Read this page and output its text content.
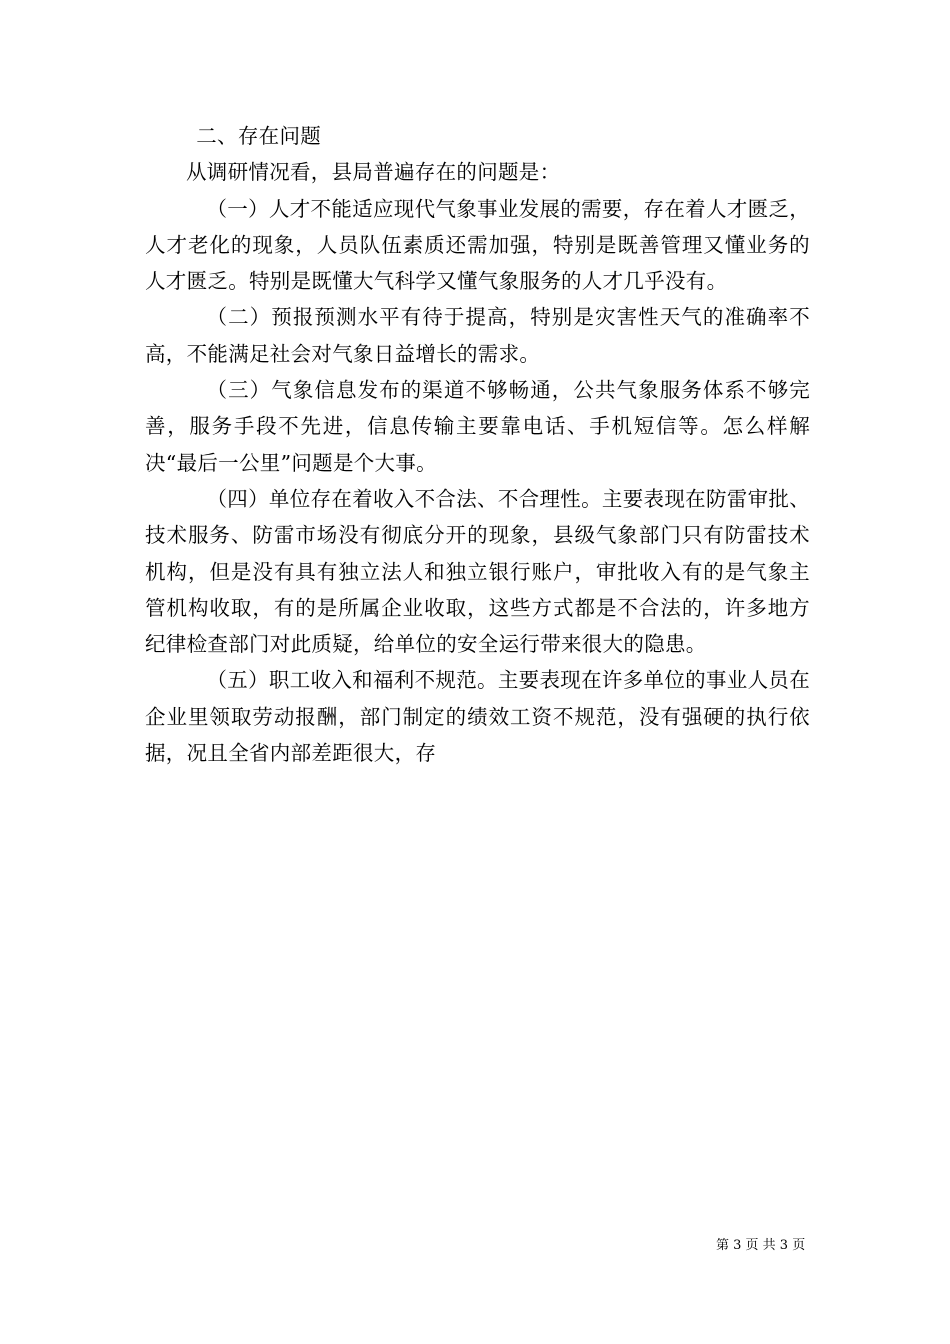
二、存在问题

从调研情况看，县局普遍存在的问题是：

（一）人才不能适应现代气象事业发展的需要，存在着人才匮乏，人才老化的现象，人员队伍素质还需加强，特别是既善管理又懂业务的人才匮乏。特别是既懂大气科学又懂气象服务的人才几乎没有。

（二）预报预测水平有待于提高，特别是灾害性天气的准确率不高，不能满足社会对气象日益增长的需求。

（三）气象信息发布的渠道不够畅通，公共气象服务体系不够完善，服务手段不先进，信息传输主要靠电话、手机短信等。怎么样解决“最后一公里”问题是个大事。

（四）单位存在着收入不合法、不合理性。主要表现在防雷审批、技术服务、防雷市场没有彻底分开的现象，县级气象部门只有防雷技术机构，但是没有具有独立法人和独立银行账户，审批收入有的是气象主管机构收取，有的是所属企业收取，这些方式都是不合法的，许多地方纪律检查部门对此质疑，给单位的安全运行带来很大的隐患。

（五）职工收入和福利不规范。主要表现在许多单位的事业人员在企业里领取劳动报酬，部门制定的绩效工资不规范，没有强硬的执行依据，况且全省内部差距很大，存

第 3 页 共 3 页
